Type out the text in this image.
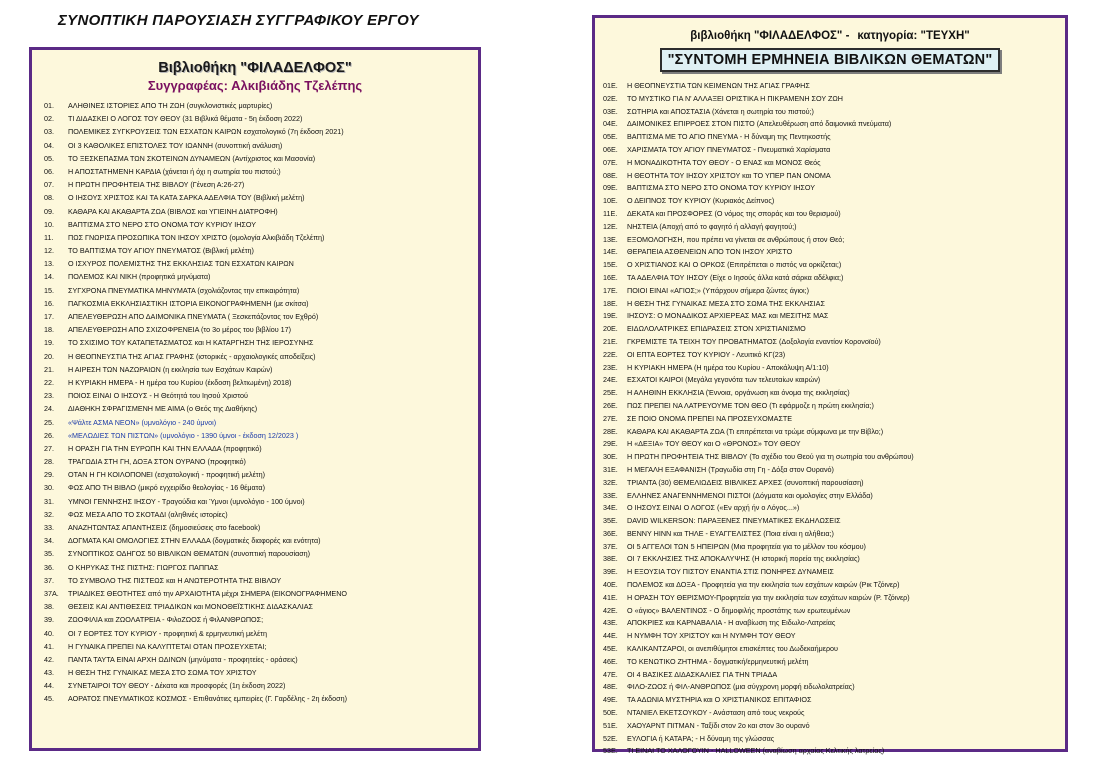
ΣΥΝΟΠΤΙΚΗ ΠΑΡΟΥΣΙΑΣΗ ΣΥΓΓΡΑΦΙΚΟΥ ΕΡΓΟΥ
Βιβλιοθήκη "ΦΙΛΑΔΕΛΦΟΣ"
Συγγραφέας: Αλκιβιάδης Τζελέπης
01.	ΑΛΗΘΙΝΕΣ ΙΣΤΟΡΙΕΣ ΑΠΟ ΤΗ ΖΩΗ (συγκλονιστικές μαρτυρίες)
02.	ΤΙ ΔΙΔΑΣΚΕΙ Ο ΛΟΓΟΣ ΤΟΥ ΘΕΟΥ (31 Βιβλικά θέματα - 5η έκδοση 2022)
03.	ΠΟΛΕΜΙΚΕΣ ΣΥΓΚΡΟΥΣΕΙΣ ΤΩΝ ΕΣΧΑΤΩΝ ΚΑΙΡΩΝ εσχατολογικό (7η έκδοση 2021)
04.	ΟΙ 3 ΚΑΘΟΛΙΚΕΣ ΕΠΙΣΤΟΛΕΣ ΤΟΥ ΙΩΑΝΝΗ (συνοπτική ανάλυση)
05.	ΤΟ ΞΕΣΚΕΠΑΣΜΑ ΤΩΝ ΣΚΟΤΕΙΝΩΝ ΔΥΝΑΜΕΩΝ (Αντίχριστος και Μασονία)
06.	Η ΑΠΟΣΤΑΤΗΜΕΝΗ ΚΑΡΔΙΑ (χάνεται ή όχι η σωτηρία του πιστού;)
07.	Η ΠΡΩΤΗ ΠΡΟΦΗΤΕΙΑ ΤΗΣ ΒΙΒΛΟΥ (Γένεση Α:26-27)
08.	Ο ΙΗΣΟΥΣ ΧΡΙΣΤΟΣ ΚΑΙ ΤΑ ΚΑΤΑ ΣΑΡΚΑ ΑΔΕΛΦΙΑ ΤΟΥ (Βιβλική μελέτη)
09.	ΚΑΘΑΡΑ ΚΑΙ ΑΚΑΘΑΡΤΑ ΖΩΑ (ΒΙΒΛΟΣ και ΥΓΙΕΙΝΗ ΔΙΑΤΡΟΦΗ)
10.	ΒΑΠΤΙΣΜΑ ΣΤΟ ΝΕΡΟ ΣΤΟ ΟΝΟΜΑ ΤΟΥ ΚΥΡΙΟΥ ΙΗΣΟΥ
11.	ΠΩΣ ΓΝΩΡΙΣΑ ΠΡΟΣΩΠΙΚΑ ΤΟΝ ΙΗΣΟΥ ΧΡΙΣΤΟ (ομολογία Αλκιβιάδη Τζελέπη)
12.	ΤΟ ΒΑΠΤΙΣΜΑ ΤΟΥ ΑΓΙΟΥ ΠΝΕΥΜΑΤΟΣ (Βιβλική μελέτη)
13.	Ο ΙΣΧΥΡΟΣ ΠΟΛΕΜΙΣΤΗΣ ΤΗΣ ΕΚΚΛΗΣΙΑΣ ΤΩΝ ΕΣΧΑΤΩΝ ΚΑΙΡΩΝ
14.	ΠΟΛΕΜΟΣ ΚΑΙ ΝΙΚΗ (προφητικά μηνύματα)
15.	ΣΥΓΧΡΟΝΑ ΠΝΕΥΜΑΤΙΚΑ ΜΗΝΥΜΑΤΑ (σχολιάζοντας την επικαιρότητα)
16.	ΠΑΓΚΟΣΜΙΑ ΕΚΚΛΗΣΙΑΣΤΙΚΗ ΙΣΤΟΡΙΑ ΕΙΚΟΝΟΓΡΑΦΗΜΕΝΗ (με σκίτσα)
17.	ΑΠΕΛΕΥΘΕΡΩΣΗ ΑΠΟ ΔΑΙΜΟΝΙΚΑ ΠΝΕΥΜΑΤΑ ( Ξεσκεπάζοντας τον Εχθρό)
18.	ΑΠΕΛΕΥΘΕΡΩΣΗ ΑΠΟ ΣΧΙΖΟΦΡΕΝΕΙΑ (το 3ο μέρος του βιβλίου 17)
19.	ΤΟ ΣΧΙΣΙΜΟ ΤΟΥ ΚΑΤΑΠΕΤΑΣΜΑΤΟΣ και Η ΚΑΤΑΡΓΗΣΗ ΤΗΣ ΙΕΡΟΣΥΝΗΣ
20.	Η ΘΕΟΠΝΕΥΣΤΙΑ ΤΗΣ ΑΓΙΑΣ ΓΡΑΦΗΣ (ιστορικές - αρχαιολογικές αποδείξεις)
21.	Η ΑΙΡΕΣΗ ΤΩΝ ΝΑΖΩΡΑΙΩΝ (η εκκλησία των Εσχάτων Καιρών)
22.	Η ΚΥΡΙΑΚΗ ΗΜΕΡΑ - Η ημέρα του Κυρίου (έκδοση βελτιωμένη) 2018)
23.	ΠΟΙΟΣ ΕΙΝΑΙ Ο ΙΗΣΟΥΣ - Η Θεότητά του Ιησού Χριστού
24.	ΔΙΑΘΗΚΗ ΣΦΡΑΓΙΣΜΕΝΗ ΜΕ ΑΙΜΑ (ο Θεός της Διαθήκης)
25.	«Ψάλτε ΑΣΜΑ ΝΕΟΝ» (υμνολόγιο - 240 ύμνοι)
26.	«ΜΕΛΩΔΙΕΣ ΤΩΝ ΠΙΣΤΩΝ» (υμνολόγιο - 1390 ύμνοι - έκδοση 12/2023 )
27.	Η ΟΡΑΣΗ ΓΙΑ ΤΗΝ ΕΥΡΩΠΗ ΚΑΙ ΤΗΝ ΕΛΛΑΔΑ (προφητικό)
28.	ΤΡΑΓΩΔΙΑ ΣΤΗ ΓΗ, ΔΟΞΑ ΣΤΟΝ ΟΥΡΑΝΟ (προφητικό)
29.	ΟΤΑΝ Η ΓΗ ΚΟΙΛΟΠΟΝΕΙ (εσχατολογική - προφητική μελέτη)
30.	ΦΩΣ ΑΠΟ ΤΗ ΒΙΒΛΟ (μικρό εγχειρίδιο θεολογίας - 16 θέματα)
31.	ΥΜΝΟΙ ΓΕΝΝΗΣΗΣ ΙΗΣΟΥ - Τραγούδια και Ύμνοι (υμνολόγιο - 100 ύμνοι)
32.	ΦΩΣ ΜΕΣΑ ΑΠΟ ΤΟ ΣΚΟΤΑΔΙ (αληθινές ιστορίες)
33.	ΑΝΑΖΗΤΩΝΤΑΣ ΑΠΑΝΤΗΣΕΙΣ (δημοσιεύσεις στο facebook)
34.	ΔΟΓΜΑΤΑ ΚΑΙ ΟΜΟΛΟΓΙΕΣ ΣΤΗΝ ΕΛΛΑΔΑ (δογματικές διαφορές και ενότητα)
35.	ΣΥΝΟΠΤΙΚΟΣ ΟΔΗΓΟΣ 50 ΒΙΒΛΙΚΩΝ ΘΕΜΑΤΩΝ (συνοπτική παρουσίαση)
36.	Ο ΚΗΡΥΚΑΣ ΤΗΣ ΠΙΣΤΗΣ: ΓΙΩΡΓΟΣ ΠΑΠΠΑΣ
37.	ΤΟ ΣΥΜΒΟΛΟ ΤΗΣ ΠΙΣΤΕΩΣ και Η ΑΝΩΤΕΡΟΤΗΤΑ ΤΗΣ ΒΙΒΛΟΥ
37Α.	ΤΡΙΑΔΙΚΕΣ ΘΕΟΤΗΤΕΣ από την ΑΡΧΑΙΟΤΗΤΑ μέχρι ΣΗΜΕΡΑ (ΕΙΚΟΝΟΓΡΑΦΗΜΕΝΟ
38.	ΘΕΣΕΙΣ ΚΑΙ ΑΝΤΙΘΕΣΕΙΣ ΤΡΙΑΔΙΚΩΝ και ΜΟΝΟΘΕΪΣΤΙΚΗΣ ΔΙΔΑΣΚΑΛΙΑΣ
39.	ΖΩΟΦΙΛΙΑ και ΖΩΟΛΑΤΡΕΙΑ - ΦιλοΖΩΟΣ ή ΦιλΑΝΘΡΩΠΟΣ;
40.	ΟΙ 7 ΕΟΡΤΕΣ ΤΟΥ ΚΥΡΙΟΥ - προφητική & ερμηνευτική μελέτη
41.	Η ΓΥΝΑΙΚΑ ΠΡΕΠΕΙ ΝΑ ΚΑΛΥΠΤΕΤΑΙ ΟΤΑΝ ΠΡΟΣΕΥΧΕΤΑΙ;
42.	ΠΑΝΤΑ ΤΑΥΤΑ ΕΙΝΑΙ ΑΡΧΗ ΩΔΙΝΩΝ (μηνύματα - προφητείες - οράσεις)
43.	Η ΘΕΣΗ ΤΗΣ ΓΥΝΑΙΚΑΣ ΜΕΣΑ ΣΤΟ ΣΩΜΑ ΤΟΥ ΧΡΙΣΤΟΥ
44.	ΣΥΝΕΤΑΙΡΟΙ ΤΟΥ ΘΕΟΥ - Δέκατα και προσφορές (1η έκδοση 2022)
45.	ΑΟΡΑΤΟΣ ΠΝΕΥΜΑΤΙΚΟΣ ΚΟΣΜΟΣ - Επιθανάτιες εμπειρίες (Γ. Γαρδέλης - 2η έκδοση)
βιβλιοθήκη "ΦΙΛΑΔΕΛΦΟΣ" - κατηγορία: "ΤΕΥΧΗ"
"ΣΥΝΤΟΜΗ ΕΡΜΗΝΕΙΑ ΒΙΒΛΙΚΩΝ ΘΕΜΑΤΩΝ"
01Ε.	Η ΘΕΟΠΝΕΥΣΤΙΑ ΤΩΝ ΚΕΙΜΕΝΩΝ ΤΗΣ ΑΓΙΑΣ ΓΡΑΦΗΣ
02Ε.	ΤΟ ΜΥΣΤΙΚΟ ΓΙΑ Ν' ΑΛΛΑΞΕΙ ΟΡΙΣΤΙΚΑ Η ΠΙΚΡΑΜΕΝΗ ΣΟΥ ΖΩΗ
03Ε.	ΣΩΤΗΡΙΑ και ΑΠΟΣΤΑΣΙΑ (Χάνεται η σωτηρία του πιστού;)
04Ε.	ΔΑΙΜΟΝΙΚΕΣ ΕΠΙΡΡΟΕΣ ΣΤΟΝ ΠΙΣΤΟ (Απελευθέρωση από δαιμονικά πνεύματα)
05Ε.	ΒΑΠΤΙΣΜΑ ΜΕ ΤΟ ΑΓΙΟ ΠΝΕΥΜΑ - Η δύναμη της Πεντηκοστής
06Ε.	ΧΑΡΙΣΜΑΤΑ ΤΟΥ ΑΓΙΟΥ ΠΝΕΥΜΑΤΟΣ - Πνευματικά Χαρίσματα
07Ε.	Η ΜΟΝΑΔΙΚΟΤΗΤΑ ΤΟΥ ΘΕΟΥ - Ο ΕΝΑΣ και ΜΟΝΟΣ Θεός
08Ε.	Η ΘΕΟΤΗΤΑ ΤΟΥ ΙΗΣΟΥ ΧΡΙΣΤΟΥ και ΤΟ ΥΠΕΡ ΠΑΝ ΟΝΟΜΑ
09Ε.	ΒΑΠΤΙΣΜΑ ΣΤΟ ΝΕΡΟ ΣΤΟ ΟΝΟΜΑ ΤΟΥ ΚΥΡΙΟΥ ΙΗΣΟΥ
10Ε.	Ο ΔΕΙΠΝΟΣ ΤΟΥ ΚΥΡΙΟΥ (Κυριακός Δείπνος)
11Ε.	ΔΕΚΑΤΑ και ΠΡΟΣΦΟΡΕΣ (Ο νόμος της σποράς και του θερισμού)
12Ε.	ΝΗΣΤΕΙΑ (Αποχή από το φαγητό ή αλλαγή φαγητού;)
13Ε.	ΕΞΟΜΟΛΟΓΗΣΗ, που πρέπει να γίνεται σε ανθρώπους ή στον Θεό;
14Ε.	ΘΕΡΑΠΕΙΑ ΑΣΘΕΝΕΙΩΝ ΑΠΟ ΤΟΝ ΙΗΣΟΥ ΧΡΙΣΤΟ
15Ε.	Ο ΧΡΙΣΤΙΑΝΟΣ ΚΑΙ Ο ΟΡΚΟΣ (Επιτρέπεται ο πιστός να ορκίζεται;)
16Ε.	ΤΑ ΑΔΕΛΦΙΑ ΤΟΥ ΙΗΣΟΥ (Είχε ο Ιησούς άλλα κατά σάρκα αδέλφια;)
17Ε.	ΠΟΙΟΙ ΕΙΝΑΙ «ΑΓΙΟΣ;» (Υπάρχουν σήμερα ζώντες άγιοι;)
18Ε.	Η ΘΕΣΗ ΤΗΣ ΓΥΝΑΙΚΑΣ ΜΕΣΑ ΣΤΟ ΣΩΜΑ ΤΗΣ ΕΚΚΛΗΣΙΑΣ
19Ε.	ΙΗΣΟΥΣ: Ο ΜΟΝΑΔΙΚΟΣ ΑΡΧΙΕΡΕΑΣ ΜΑΣ και ΜΕΣΙΤΗΣ ΜΑΣ
20Ε.	ΕΙΔΩΛΟΛΑΤΡΙΚΕΣ ΕΠΙΔΡΑΣΕΙΣ ΣΤΟΝ ΧΡΙΣΤΙΑΝΙΣΜΟ
21Ε.	ΓΚΡΕΜΙΣΤΕ ΤΑ ΤΕΙΧΗ ΤΟΥ ΠΡΟΒΑΤΗΜΑΤΟΣ (Δοξολογία εναντίον Κορονοϊού)
22Ε.	ΟΙ ΕΠΤΑ ΕΟΡΤΕΣ ΤΟΥ ΚΥΡΙΟΥ - Λευιτικό ΚΓ(23)
23Ε.	Η ΚΥΡΙΑΚΗ ΗΜΕΡΑ (Η ημέρα του Κυρίου - Αποκάλυψη Α/1:10)
24Ε.	ΕΣΧΑΤΟΙ ΚΑΙΡΟΙ (Μεγάλα γεγονότα των τελευταίων καιρών)
25Ε.	Η ΑΛΗΘΙΝΗ ΕΚΚΛΗΣΙΑ (Έννοια, οργάνωση και όνομα της εκκλησίας)
26Ε.	ΠΩΣ ΠΡΕΠΕΙ ΝΑ ΛΑΤΡΕΥΟΥΜΕ ΤΟΝ ΘΕΟ (Τι εφάρμοζε η πρώτη εκκλησία;)
27Ε.	ΣΕ ΠΟΙΟ ΟΝΟΜΑ ΠΡΕΠΕΙ ΝΑ ΠΡΟΣΕΥΧΟΜΑΣΤΕ
28Ε.	ΚΑΘΑΡΑ ΚΑΙ ΑΚΑΘΑΡΤΑ ΖΩΑ (Τι επιτρέπεται να τρώμε σύμφωνα με την Βίβλο;)
29Ε.	Η «ΔΕΞΙΑ» ΤΟΥ ΘΕΟΥ και Ο «ΘΡΟΝΟΣ» ΤΟΥ ΘΕΟΥ
30Ε.	Η ΠΡΩΤΗ ΠΡΟΦΗΤΕΙΑ ΤΗΣ ΒΙΒΛΟΥ (Το σχέδιο του Θεού για τη σωτηρία του ανθρώπου)
31Ε.	Η ΜΕΓΑΛΗ ΕΞΑΦΑΝΙΣΗ (Τραγωδία στη Γη - Δόξα στον Ουρανό)
32Ε.	ΤΡΙΑΝΤΑ (30) ΘΕΜΕΛΙΩΔΕΙΣ ΒΙΒΛΙΚΕΣ ΑΡΧΕΣ (συνοπτική παρουσίαση)
33Ε.	ΕΛΛΗΝΕΣ ΑΝΑΓΕΝΝΗΜΕΝΟΙ ΠΙΣΤΟΙ (Δόγματα και ομολογίες στην Ελλάδα)
34Ε.	Ο ΙΗΣΟΥΣ ΕΙΝΑΙ Ο ΛΟΓΟΣ («Εν αρχή ήν ο Λόγος...»)
35Ε.	DAVID WILKERSON: ΠΑΡΑΞΕΝΕΣ ΠΝΕΥΜΑΤΙΚΕΣ ΕΚΔΗΛΩΣΕΙΣ
36Ε.	BENNY HINN και ΤΗΛΕ - ΕΥΑΓΓΕΛΙΣΤΕΣ (Ποια είναι η αλήθεια;)
37Ε.	ΟΙ 5 ΑΓΓΕΛΟΙ ΤΩΝ 5 ΗΠΕΙΡΩΝ (Μια προφητεία για το μέλλον του κόσμου)
38Ε.	ΟΙ 7 ΕΚΚΛΗΣΙΕΣ ΤΗΣ ΑΠΟΚΑΛΥΨΗΣ (Η ιστορική πορεία της εκκλησίας)
39Ε.	Η ΕΞΟΥΣΙΑ ΤΟΥ ΠΙΣΤΟΥ ΕΝΑΝΤΙΑ ΣΤΙΣ ΠΟΝΗΡΕΣ ΔΥΝΑΜΕΙΣ
40Ε.	ΠΟΛΕΜΟΣ και ΔΟΞΑ - Προφητεία για την εκκλησία των εσχάτων καιρών (Ρικ Τζόινερ)
41Ε.	Η ΟΡΑΣΗ ΤΟΥ ΘΕΡΙΣΜΟΥ-Προφητεία για την εκκλησία των εσχάτων καιρών (Ρ. Τζόινερ)
42Ε.	Ο «άγιος» ΒΑΛΕΝΤΙΝΟΣ - Ο δημοφιλής προστάτης των ερωτευμένων
43Ε.	ΑΠΟΚΡΙΕΣ και ΚΑΡΝΑΒΑΛΙΑ - Η αναβίωση της Ειδωλο-Λατρείας
44Ε.	Η ΝΥΜΦΗ ΤΟΥ ΧΡΙΣΤΟΥ και Η ΝΥΜΦΗ ΤΟΥ ΘΕΟΥ
45Ε.	ΚΑΛΙΚΑΝΤΖΑΡΟΙ, οι ανεπιθύμητοι επισκέπτες του Δωδεκαήμερου
46Ε.	ΤΟ ΚΕΝΩΤΙΚΟ ΖΗΤΗΜΑ - δογματική/ερμηνευτική μελέτη
47Ε.	ΟΙ 4 ΒΑΣΙΚΕΣ ΔΙΔΑΣΚΑΛΙΕΣ ΓΙΑ ΤΗΝ ΤΡΙΑΔΑ
48Ε.	ΦΙΛΟ-ΖΩΟΣ ή ΦΙΛ-ΑΝΘΡΩΠΟΣ (μια σύγχρονη μορφή ειδωλολατρείας)
49Ε.	ΤΑ ΑΔΩΝΙΑ ΜΥΣΤΗΡΙΑ και Ο ΧΡΙΣΤΙΑΝΙΚΟΣ ΕΠΙΤΑΦΙΟΣ
50Ε.	ΝΤΑΝΙΕΛ ΕΚΕΤΣΟΥΚΟΥ - Ανάσταση από τους νεκρούς
51Ε.	ΧΑΟΥΑΡΝΤ ΠΙΤΜΑΝ - Ταξίδι στον 2ο και στον 3ο ουρανό
52Ε.	ΕΥΛΟΓΙΑ ή ΚΑΤΑΡΑ; - Η δύναμη της γλώσσας
53Ε.	ΤΙ ΕΙΝΑΙ ΤΟ ΧΑΛΟΓΟΥΙΝ - HALLOWEEN (αναβίωση αρχαίας Κελτικής λατρείας)
